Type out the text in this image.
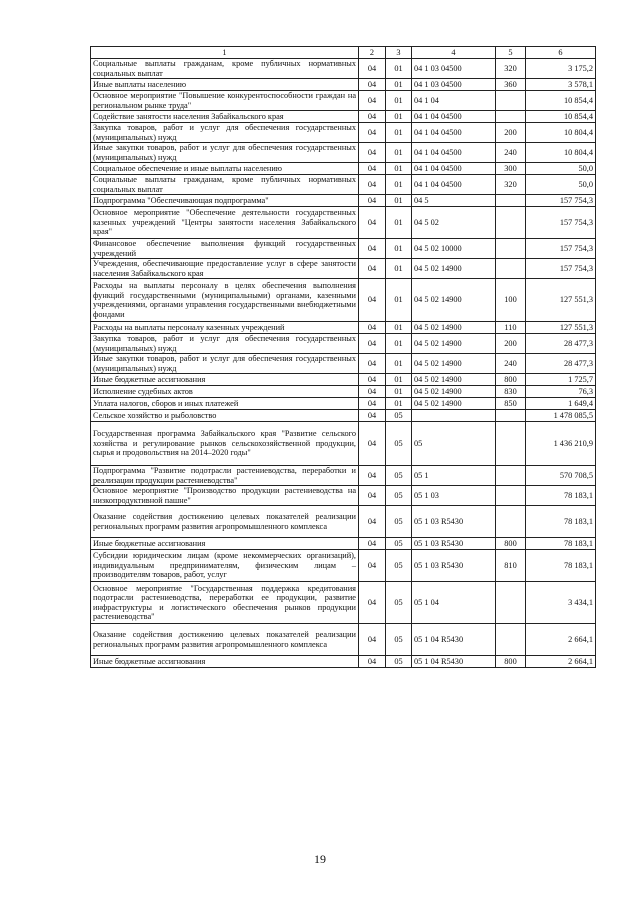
1	2	3	4	5	6
Социальные выплаты гражданам, кроме публичных нормативных социальных выплат	04	01	04 1 03 04500	320	3 175,2
Иные выплаты населению	04	01	04 1 03 04500	360	3 578,1
Основное мероприятие "Повышение конкурентоспособности граждан на региональном рынке труда"	04	01	04 1 04		10 854,4
Содействие занятости населения Забайкальского края	04	01	04 1 04 04500		10 854,4
Закупка товаров, работ и услуг для обеспечения государственных (муниципальных) нужд	04	01	04 1 04 04500	200	10 804,4
Иные закупки товаров, работ и услуг для обеспечения государственных (муниципальных) нужд	04	01	04 1 04 04500	240	10 804,4
Социальное обеспечение и иные выплаты населению	04	01	04 1 04 04500	300	50,0
Социальные выплаты гражданам, кроме публичных нормативных социальных выплат	04	01	04 1 04 04500	320	50,0
Подпрограмма "Обеспечивающая подпрограмма"	04	01	04 5		157 754,3
Основное мероприятие "Обеспечение деятельности государственных казенных учреждений "Центры занятости населения Забайкальского края"	04	01	04 5 02		157 754,3
Финансовое обеспечение выполнения функций государственных учреждений	04	01	04 5 02 10000		157 754,3
Учреждения, обеспечивающие предоставление услуг в сфере занятости населения Забайкальского края	04	01	04 5 02 14900		157 754,3
Расходы на выплаты персоналу в целях обеспечения выполнения функций государственными (муниципальными) органами, казенными учреждениями, органами управления государственными внебюджетными фондами	04	01	04 5 02 14900	100	127 551,3
Расходы на выплаты персоналу казенных учреждений	04	01	04 5 02 14900	110	127 551,3
Закупка товаров, работ и услуг для обеспечения государственных (муниципальных) нужд	04	01	04 5 02 14900	200	28 477,3
Иные закупки товаров, работ и услуг для обеспечения государственных (муниципальных) нужд	04	01	04 5 02 14900	240	28 477,3
Иные бюджетные ассигнования	04	01	04 5 02 14900	800	1 725,7
Исполнение судебных актов	04	01	04 5 02 14900	830	76,3
Уплата налогов, сборов и иных платежей	04	01	04 5 02 14900	850	1 649,4
Сельское хозяйство и рыболовство	04	05			1 478 085,5
Государственная программа Забайкальского края "Развитие сельского хозяйства и регулирование рынков сельскохозяйственной продукции, сырья и продовольствия на 2014–2020 годы"	04	05	05		1 436 210,9
Подпрограмма "Развитие подотрасли растениеводства, переработки и реализации продукции растениеводства"	04	05	05 1		570 708,5
Основное мероприятие "Производство продукции растениеводства на низкопродуктивной пашне"	04	05	05 1 03		78 183,1
Оказание содействия достижению целевых показателей реализации региональных программ развития агропромышленного комплекса	04	05	05 1 03 R5430		78 183,1
Иные бюджетные ассигнования	04	05	05 1 03 R5430	800	78 183,1
Субсидии юридическим лицам (кроме некоммерческих организаций), индивидуальным предпринимателям, физическим лицам – производителям товаров, работ, услуг	04	05	05 1 03 R5430	810	78 183,1
Основное мероприятие "Государственная поддержка кредитования подотрасли растениеводства, переработки ее продукции, развитие инфраструктуры и логистического обеспечения рынков продукции растениеводства"	04	05	05 1 04		3 434,1
Оказание содействия достижению целевых показателей реализации региональных программ развития агропромышленного комплекса	04	05	05 1 04 R5430		2 664,1
Иные бюджетные ассигнования	04	05	05 1 04 R5430	800	2 664,1
19
